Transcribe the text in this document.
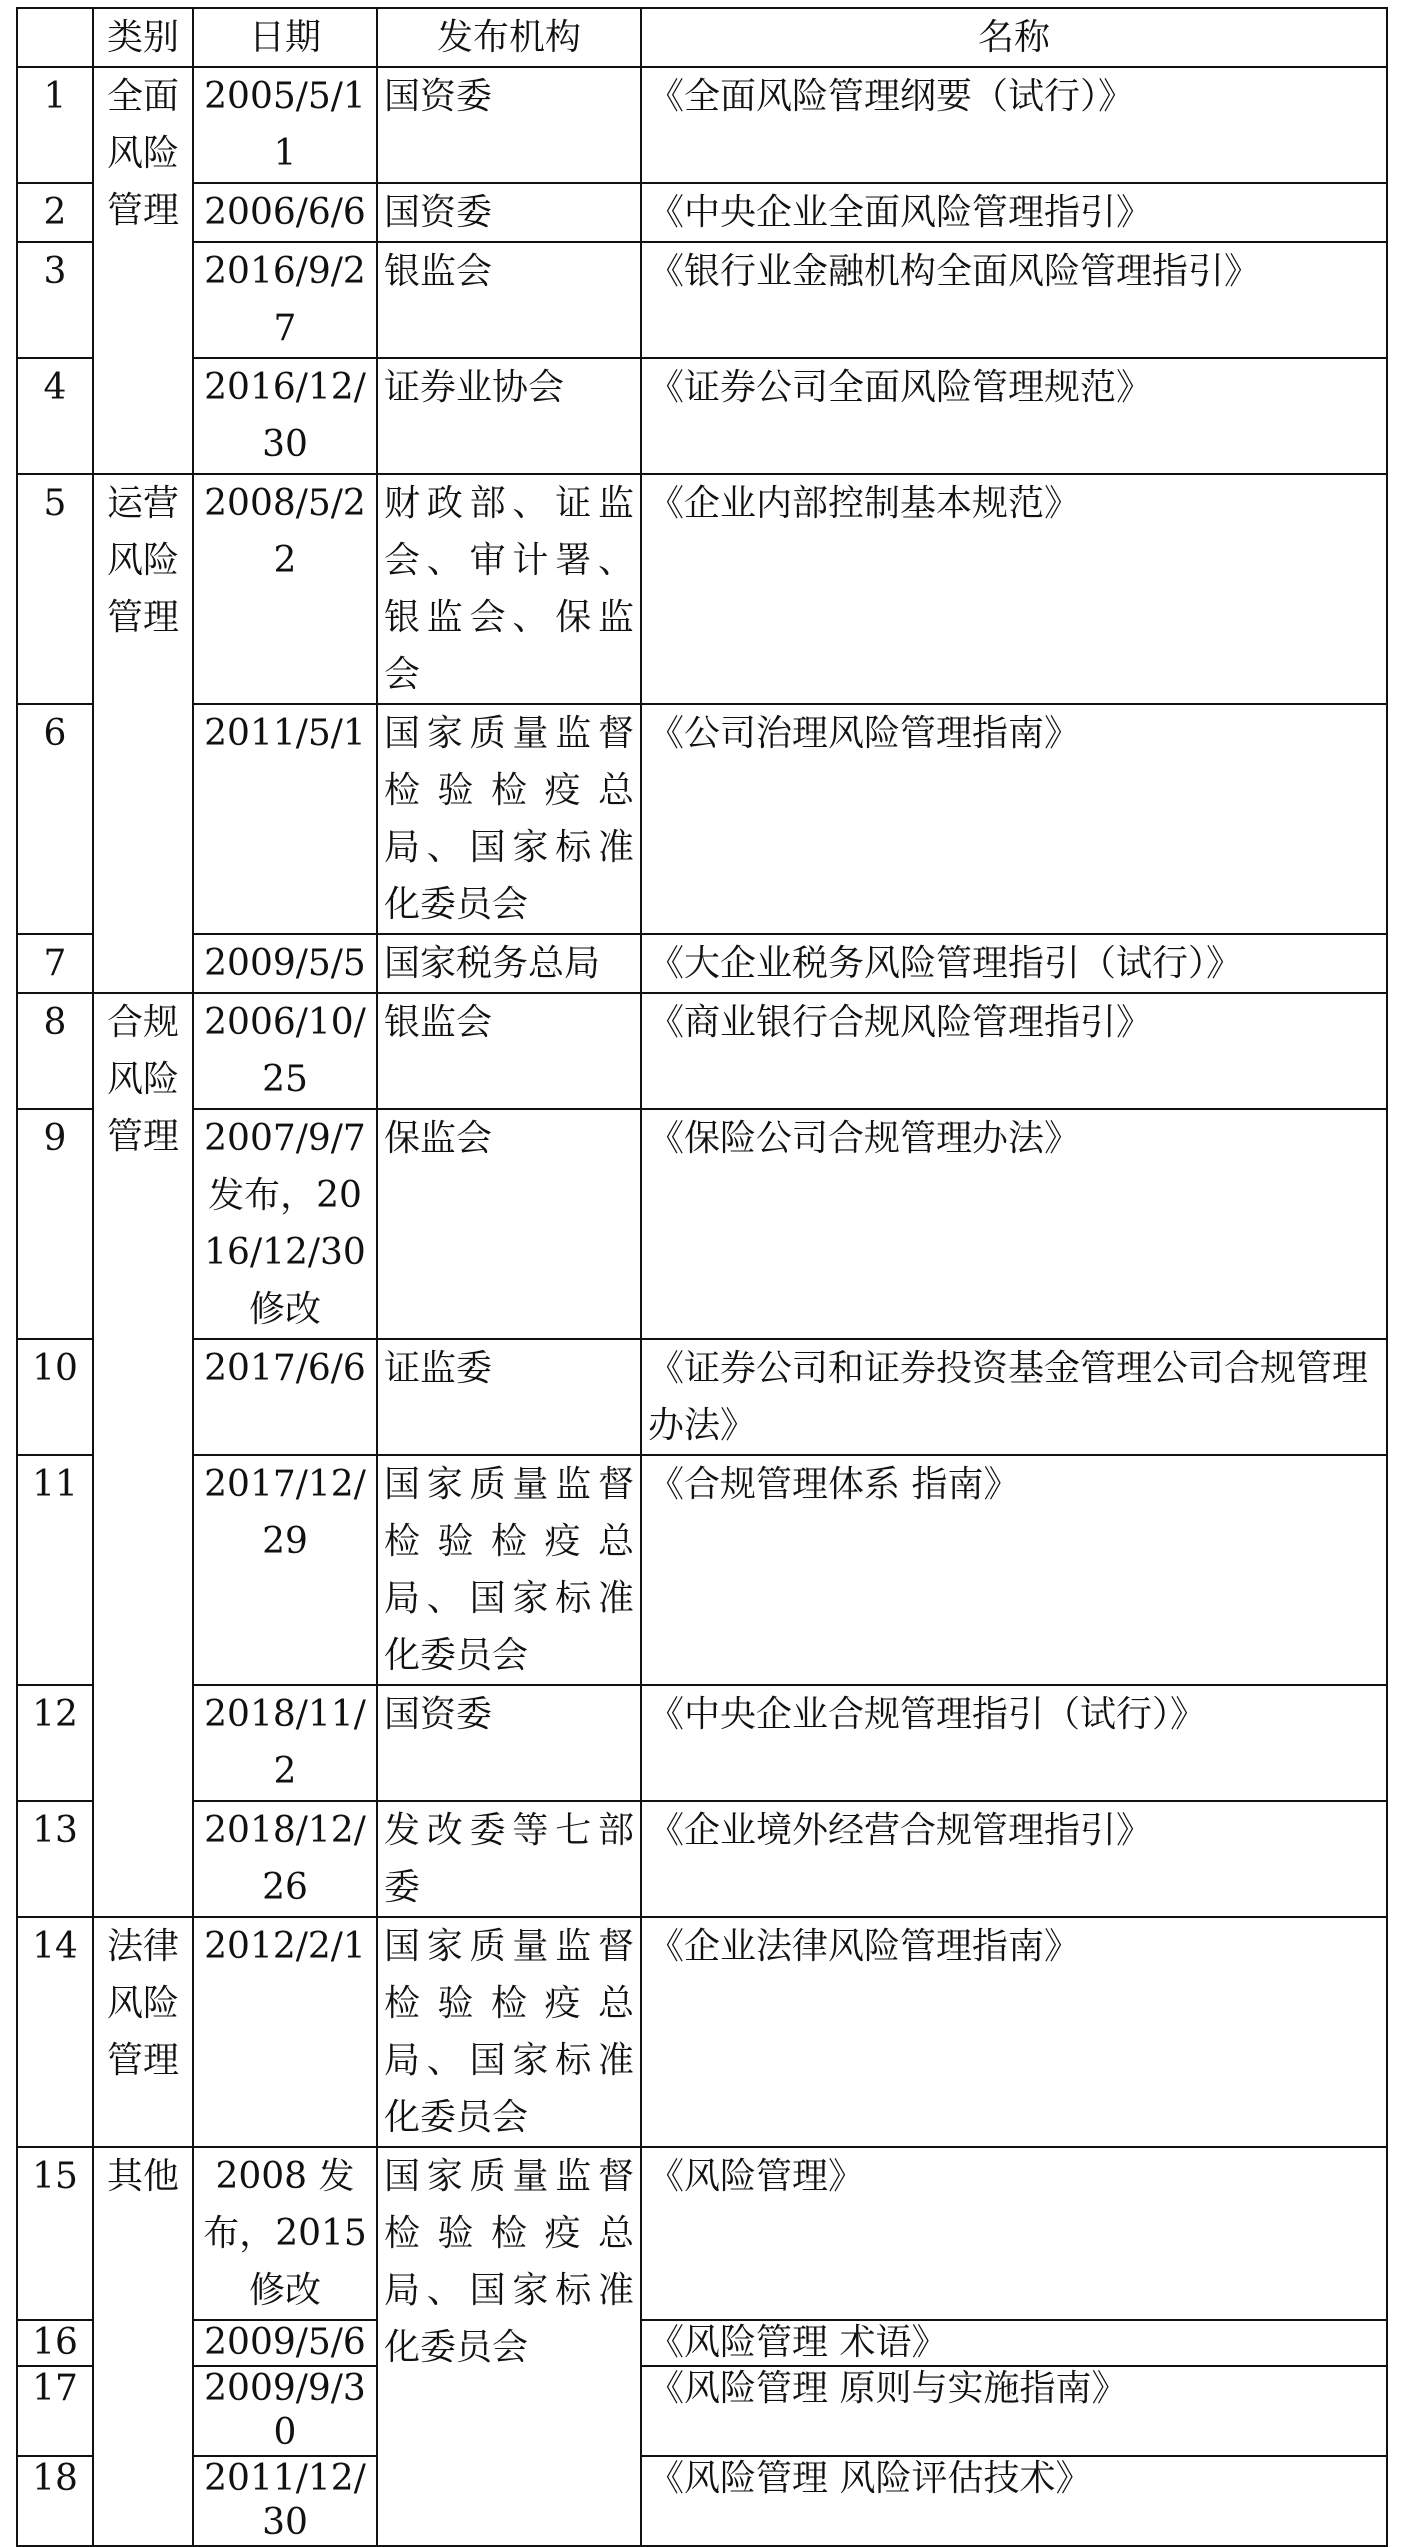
	类别	日期	发布机构	名称
1	全面风险管理	2005/5/11	国资委	《全面风险管理纲要（试行）》
2		2006/6/6	国资委	《中央企业全面风险管理指引》
3		2016/9/27	银监会	《银行业金融机构全面风险管理指引》
4		2016/12/30	证券业协会	《证券公司全面风险管理规范》
5	运营风险管理	2008/5/22	财政部、证监会、审计署、银监会、保监会	《企业内部控制基本规范》
6		2011/5/1	国家质量监督检验检疫总局、国家标准化委员会	《公司治理风险管理指南》
7		2009/5/5	国家税务总局	《大企业税务风险管理指引（试行）》
8	合规风险管理	2006/10/25	银监会	《商业银行合规风险管理指引》
9		2007/9/7发布，2016/12/30修改	保监会	《保险公司合规管理办法》
10		2017/6/6	证监委	《证券公司和证券投资基金管理公司合规管理办法》
11		2017/12/29	国家质量监督检验检疫总局、国家标准化委员会	《合规管理体系 指南》
12		2018/11/2	国资委	《中央企业合规管理指引（试行）》
13		2018/12/26	发改委等七部委	《企业境外经营合规管理指引》
14	法律风险管理	2012/2/1	国家质量监督检验检疫总局、国家标准化委员会	《企业法律风险管理指南》
15	其他	2008 发布，2015 修改	国家质量监督检验检疫总局、国家标准化委员会	《风险管理》
16		2009/5/6		《风险管理 术语》
17		2009/9/30		《风险管理 原则与实施指南》
18		2011/12/30		《风险管理 风险评估技术》
